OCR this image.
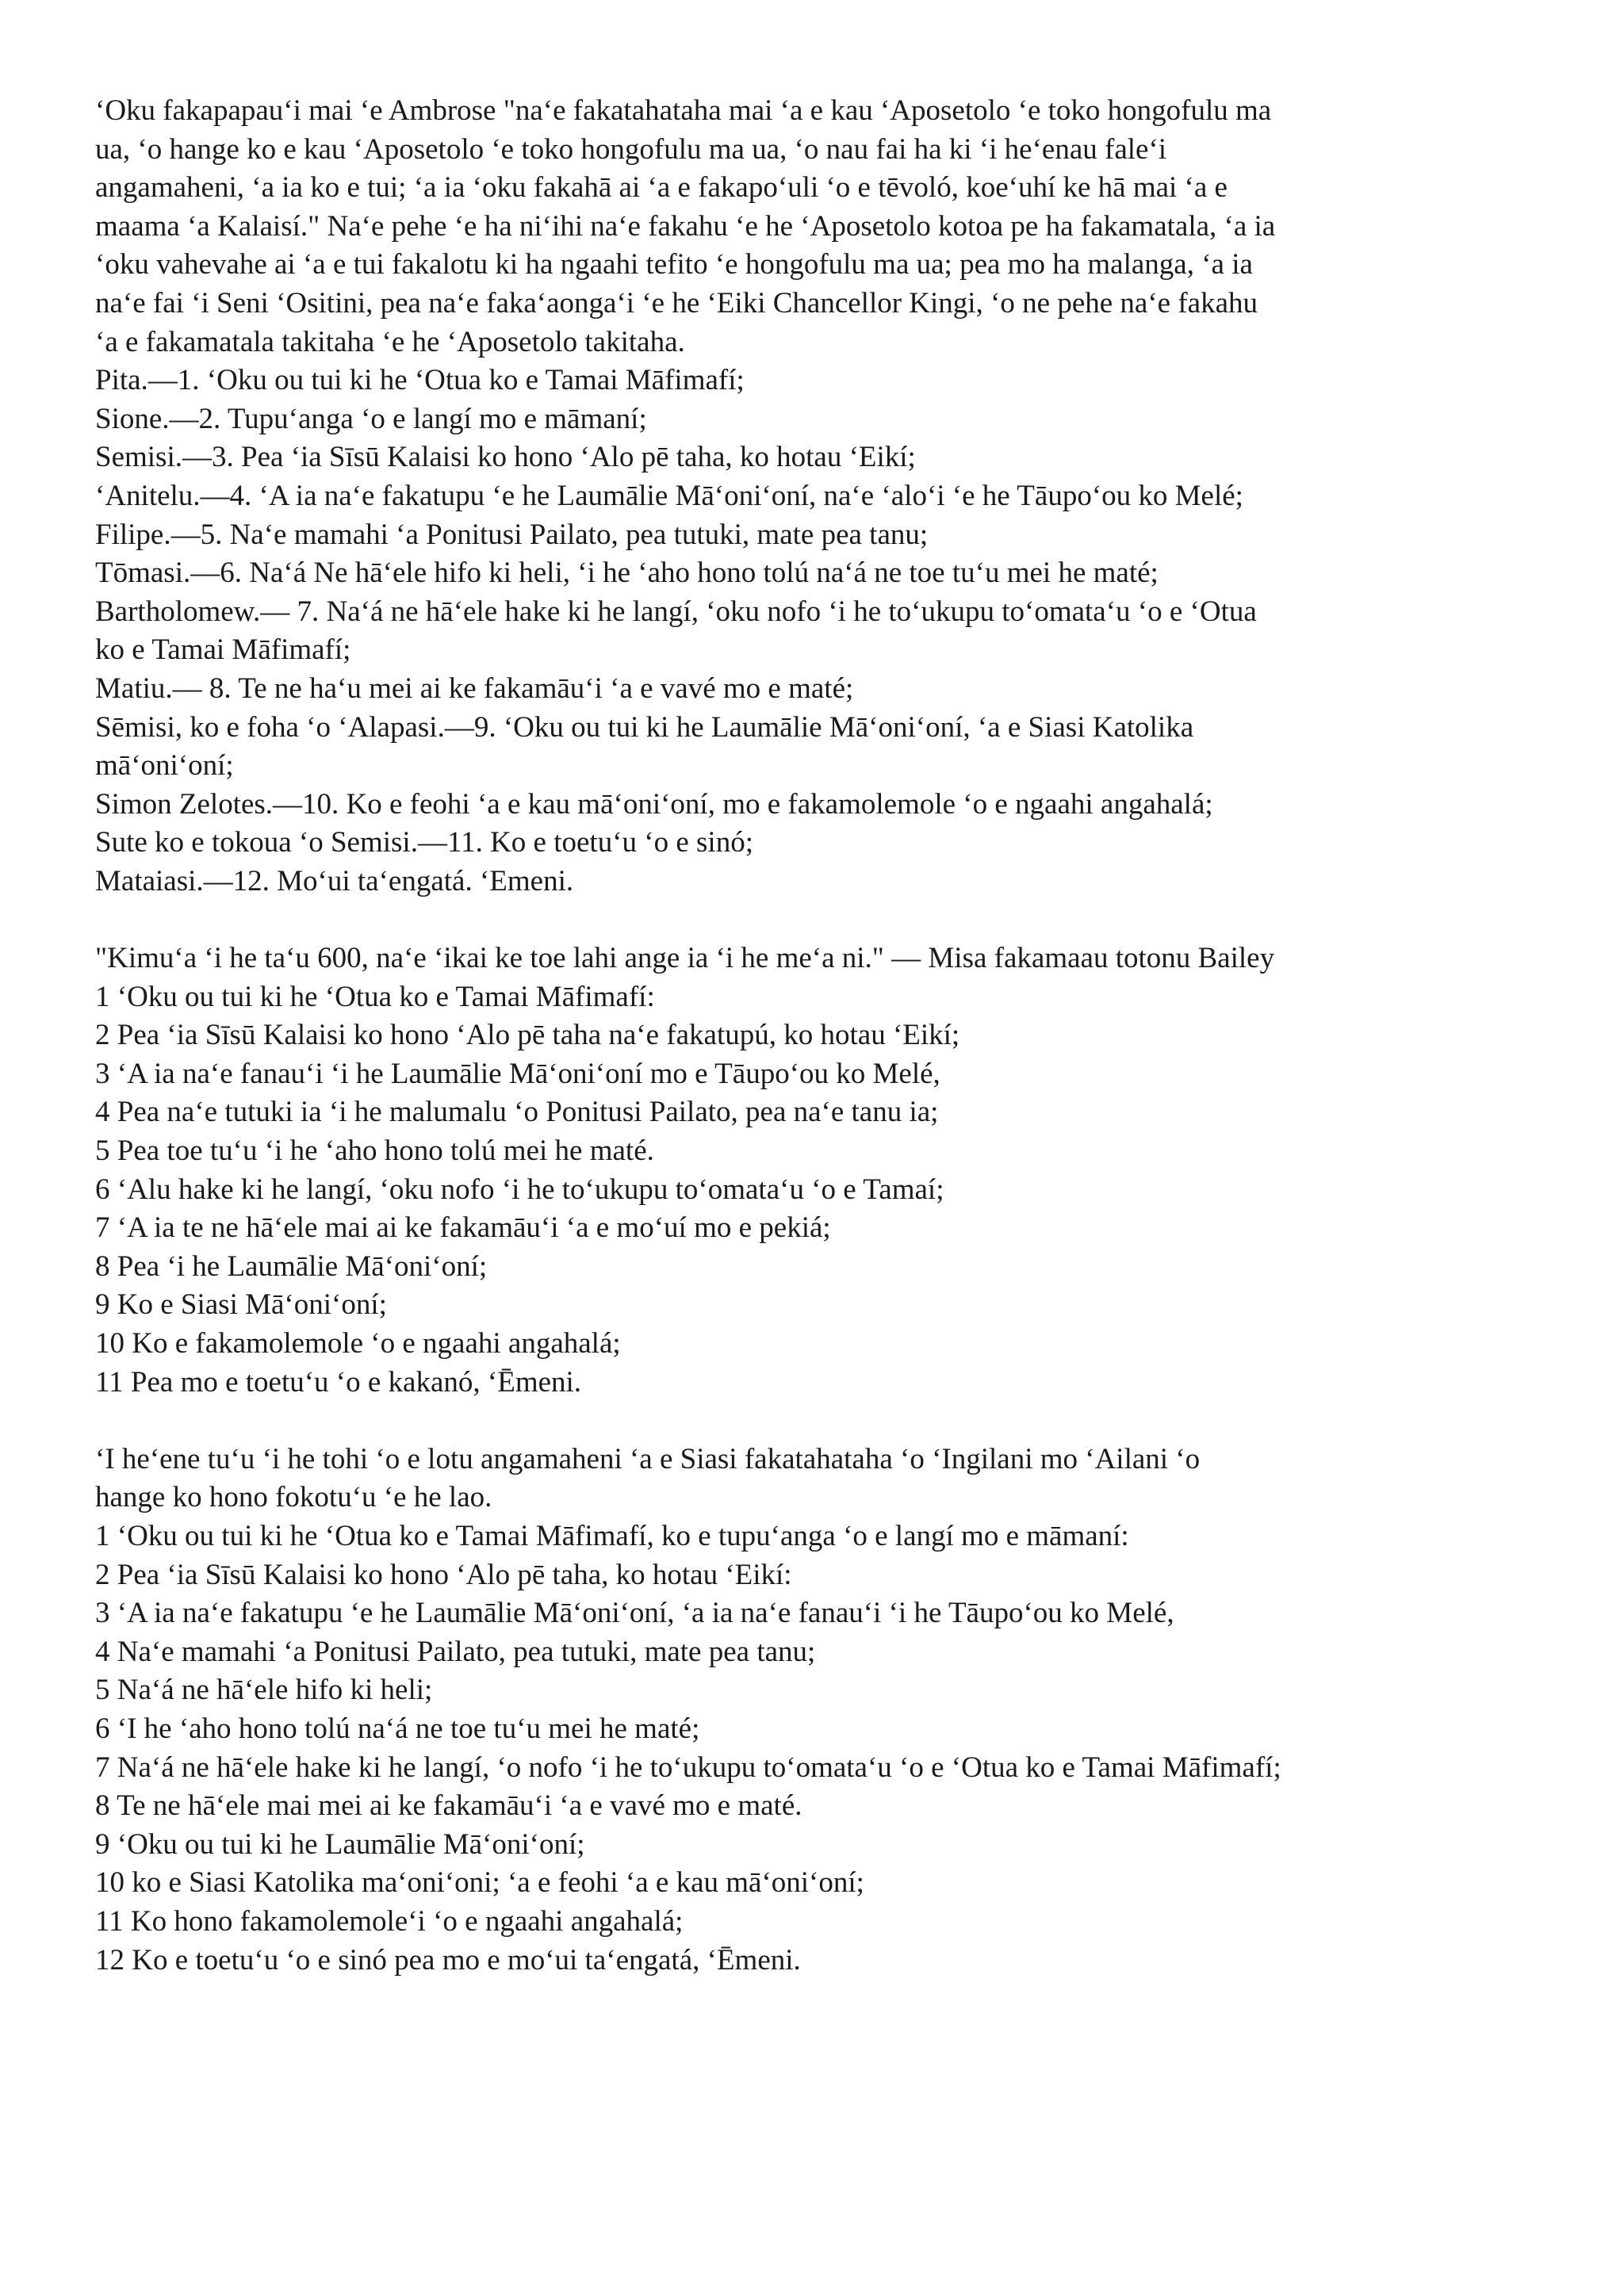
‘Oku fakapapau‘i mai ‘e Ambrose "na‘e fakatahataha mai ‘a e kau ‘Aposetolo ‘e toko hongofulu ma
ua, ‘o hange ko e kau ‘Aposetolo ‘e toko hongofulu ma ua, ‘o nau fai ha ki ‘i he‘enau fale‘i
angamaheni, ‘a ia ko e tui; ‘a ia ‘oku fakahā ai ‘a e fakapo‘uli ‘o e tēvoló, koe‘uhí ke hā mai ‘a e
maama ‘a Kalaisí." Na‘e pehe ‘e ha ni‘ihi na‘e fakahu ‘e he ‘Aposetolo kotoa pe ha fakamatala, ‘a ia
‘oku vahevahe ai ‘a e tui fakalotu ki ha ngaahi tefito ‘e hongofulu ma ua; pea mo ha malanga, ‘a ia
na‘e fai ‘i Seni ‘Ositini, pea na‘e faka‘aonga‘i ‘e he ‘Eiki Chancellor Kingi, ‘o ne pehe na‘e fakahu
‘a e fakamatala takitaha ‘e he ‘Aposetolo takitaha.
Pita.—1. ‘Oku ou tui ki he ‘Otua ko e Tamai Māfimafí;
Sione.—2. Tupu‘anga ‘o e langí mo e māmaní;
Semisi.—3. Pea ‘ia Sīsū Kalaisi ko hono ‘Alo pē taha, ko hotau ‘Eikí;
‘Anitelu.—4. ‘A ia na‘e fakatupu ‘e he Laumālie Mā‘oni‘oní, na‘e ‘alo‘i ‘e he Tāupo‘ou ko Melé;
Filipe.—5. Na‘e mamahi ‘a Ponitusi Pailato, pea tutuki, mate pea tanu;
Tōmasi.—6. Na‘á Ne hā‘ele hifo ki heli, ‘i he ‘aho hono tolú na‘á ne toe tu‘u mei he maté;
Bartholomew.— 7. Na‘á ne hā‘ele hake ki he langí, ‘oku nofo ‘i he to‘ukupu to‘omata‘u ‘o e ‘Otua
ko e Tamai Māfimafí;
Matiu.— 8. Te ne ha‘u mei ai ke fakamāu‘i ‘a e vavé mo e maté;
Sēmisi, ko e foha ‘o ‘Alapasi.—9. ‘Oku ou tui ki he Laumālie Mā‘oni‘oní, ‘a e Siasi Katolika
mā‘oni‘oní;
Simon Zelotes.—10. Ko e feohi ‘a e kau mā‘oni‘oní, mo e fakamolemole ‘o e ngaahi angahalá;
Sute ko e tokoua ‘o Semisi.—11. Ko e toetu‘u ‘o e sinó;
Mataiasi.—12. Mo‘ui ta‘engatá. ‘Emeni.
"Kimu‘a ‘i he ta‘u 600, na‘e ‘ikai ke toe lahi ange ia ‘i he me‘a ni." — Misa fakamaau totonu Bailey
1 ‘Oku ou tui ki he ‘Otua ko e Tamai Māfimafí:
2 Pea ‘ia Sīsū Kalaisi ko hono ‘Alo pē taha na‘e fakatupú, ko hotau ‘Eikí;
3 ‘A ia na‘e fanau‘i ‘i he Laumālie Mā‘oni‘oní mo e Tāupo‘ou ko Melé,
4 Pea na‘e tutuki ia ‘i he malumalu ‘o Ponitusi Pailato, pea na‘e tanu ia;
5 Pea toe tu‘u ‘i he ‘aho hono tolú mei he maté.
6 ‘Alu hake ki he langí, ‘oku nofo ‘i he to‘ukupu to‘omata‘u ‘o e Tamaí;
7 ‘A ia te ne hā‘ele mai ai ke fakamāu‘i ‘a e mo‘uí mo e pekiá;
8 Pea ‘i he Laumālie Mā‘oni‘oní;
9 Ko e Siasi Mā‘oni‘oní;
10 Ko e fakamolemole ‘o e ngaahi angahalá;
11 Pea mo e toetu‘u ‘o e kakanó, ‘Ēmeni.
‘I he‘ene tu‘u ‘i he tohi ‘o e lotu angamaheni ‘a e Siasi fakatahataha ‘o ‘Ingilani mo ‘Ailani ‘o
hange ko hono fokotu‘u ‘e he lao.
1 ‘Oku ou tui ki he ‘Otua ko e Tamai Māfimafí, ko e tupu‘anga ‘o e langí mo e māmaní:
2 Pea ‘ia Sīsū Kalaisi ko hono ‘Alo pē taha, ko hotau ‘Eikí:
3 ‘A ia na‘e fakatupu ‘e he Laumālie Mā‘oni‘oní, ‘a ia na‘e fanau‘i ‘i he Tāupo‘ou ko Melé,
4 Na‘e mamahi ‘a Ponitusi Pailato, pea tutuki, mate pea tanu;
5 Na‘á ne hā‘ele hifo ki heli;
6 ‘I he ‘aho hono tolú na‘á ne toe tu‘u mei he maté;
7 Na‘á ne hā‘ele hake ki he langí, ‘o nofo ‘i he to‘ukupu to‘omata‘u ‘o e ‘Otua ko e Tamai Māfimafí;
8 Te ne hā‘ele mai mei ai ke fakamāu‘i ‘a e vavé mo e maté.
9 ‘Oku ou tui ki he Laumālie Mā‘oni‘oní;
10 ko e Siasi Katolika ma‘oni‘oni; ‘a e feohi ‘a e kau mā‘oni‘oní;
11 Ko hono fakamolemole‘i ‘o e ngaahi angahalá;
12 Ko e toetu‘u ‘o e sinó pea mo e mo‘ui ta‘engatá, ‘Ēmeni.
